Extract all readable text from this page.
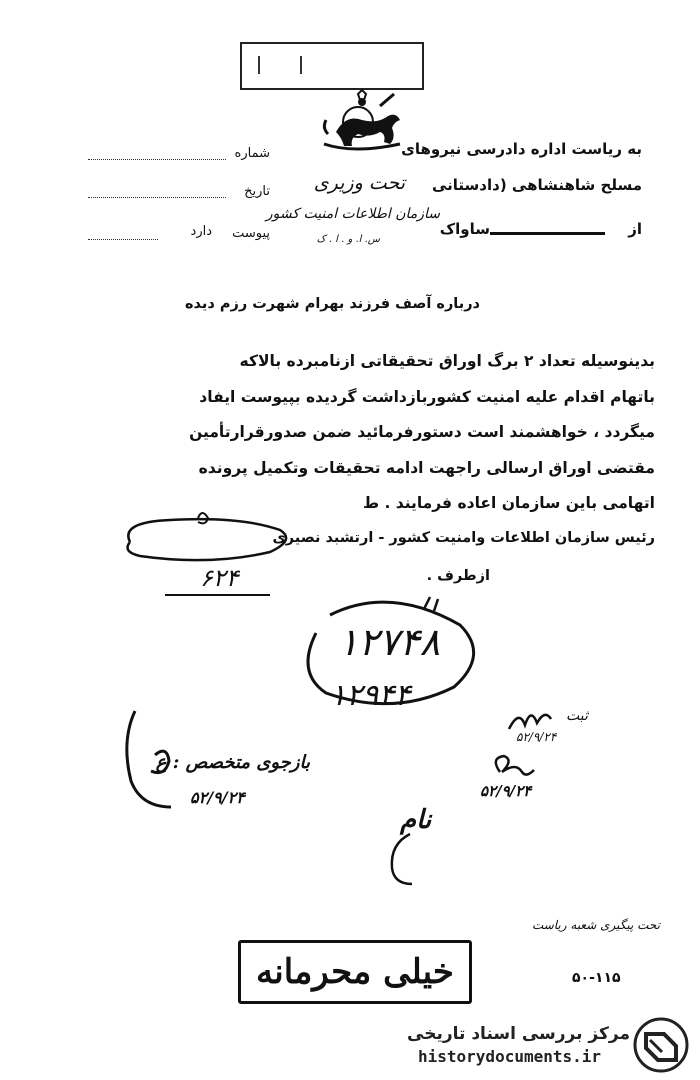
به ریاست اداره دادرسی نیروهای
مسلح شاهنشاهی (دادستانی
تحت وزیری
از
ساواک
سازمان اطلاعات امنیت کشور
س. ا. و . ا . ک
شماره
تاریخ
پیوست
دارد
درباره آصف فرزند بهرام شهرت رزم دیده
بدینوسیله تعداد ۲ برگ اوراق تحقیقاتی ازنامبرده بالاکه
باتهام اقدام علیه امنیت کشوربازداشت گردیده بپیوست ایفاد
میگردد ، خواهشمند است دستورفرمائید ضمن صدورقرارتأمین
مقتضی اوراق ارسالی راجهت ادامه تحقیقات وتکمیل پرونده
اتهامی باین سازمان اعاده فرمایند . ط
رئیس سازمان اطلاعات وامنیت کشور - ارتشبد نصیری
ازطرف .
۶۲۴
۱۲۷۴۸
۱۲۹۴۴
بازجوی متخصص : ع
۵۲/۹/۲۴
۵۲/۹/۲۴
ثبت
۵۲/۹/۲۴
نام
تحت پیگیری شعبه ریاست
خیلی محرمانه	۵۰-۱۱۵
مرکز بررسی اسناد تاریخی
historydocuments.ir
